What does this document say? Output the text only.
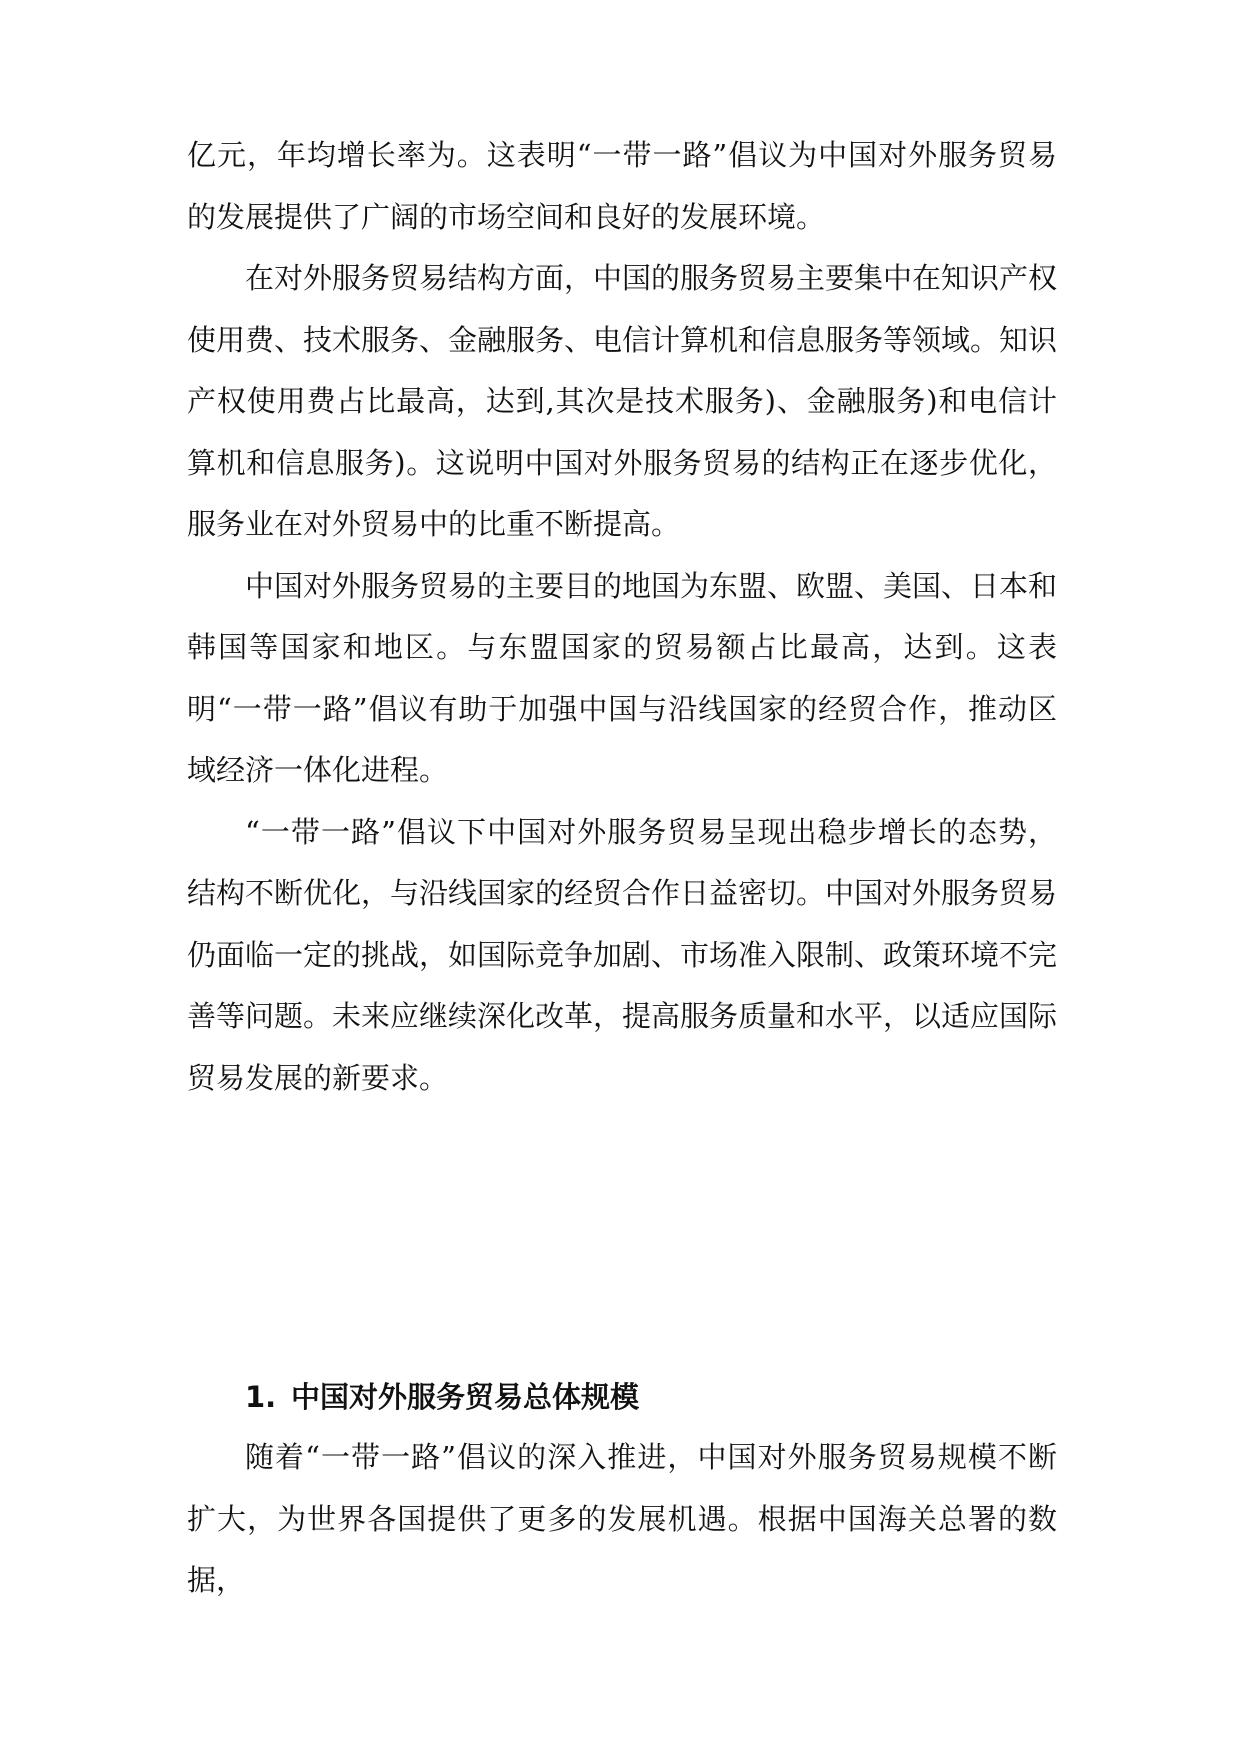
亿元，年均增长率为。这表明“一带一路”倡议为中国对外服务贸易的发展提供了广阔的市场空间和良好的发展环境。

在对外服务贸易结构方面，中国的服务贸易主要集中在知识产权使用费、技术服务、金融服务、电信计算机和信息服务等领域。知识产权使用费占比最高，达到,其次是技术服务)、金融服务)和电信计算机和信息服务)。这说明中国对外服务贸易的结构正在逐步优化，服务业在对外贸易中的比重不断提高。

中国对外服务贸易的主要目的地国为东盟、欧盟、美国、日本和韩国等国家和地区。与东盟国家的贸易额占比最高，达到。这表明“一带一路”倡议有助于加强中国与沿线国家的经贸合作，推动区域经济一体化进程。

“一带一路”倡议下中国对外服务贸易呈现出稳步增长的态势，结构不断优化，与沿线国家的经贸合作日益密切。中国对外服务贸易仍面临一定的挑战，如国际竞争加剧、市场准入限制、政策环境不完善等问题。未来应继续深化改革，提高服务质量和水平，以适应国际贸易发展的新要求。

1. 中国对外服务贸易总体规模

随着“一带一路”倡议的深入推进，中国对外服务贸易规模不断扩大，为世界各国提供了更多的发展机遇。根据中国海关总署的数据，
